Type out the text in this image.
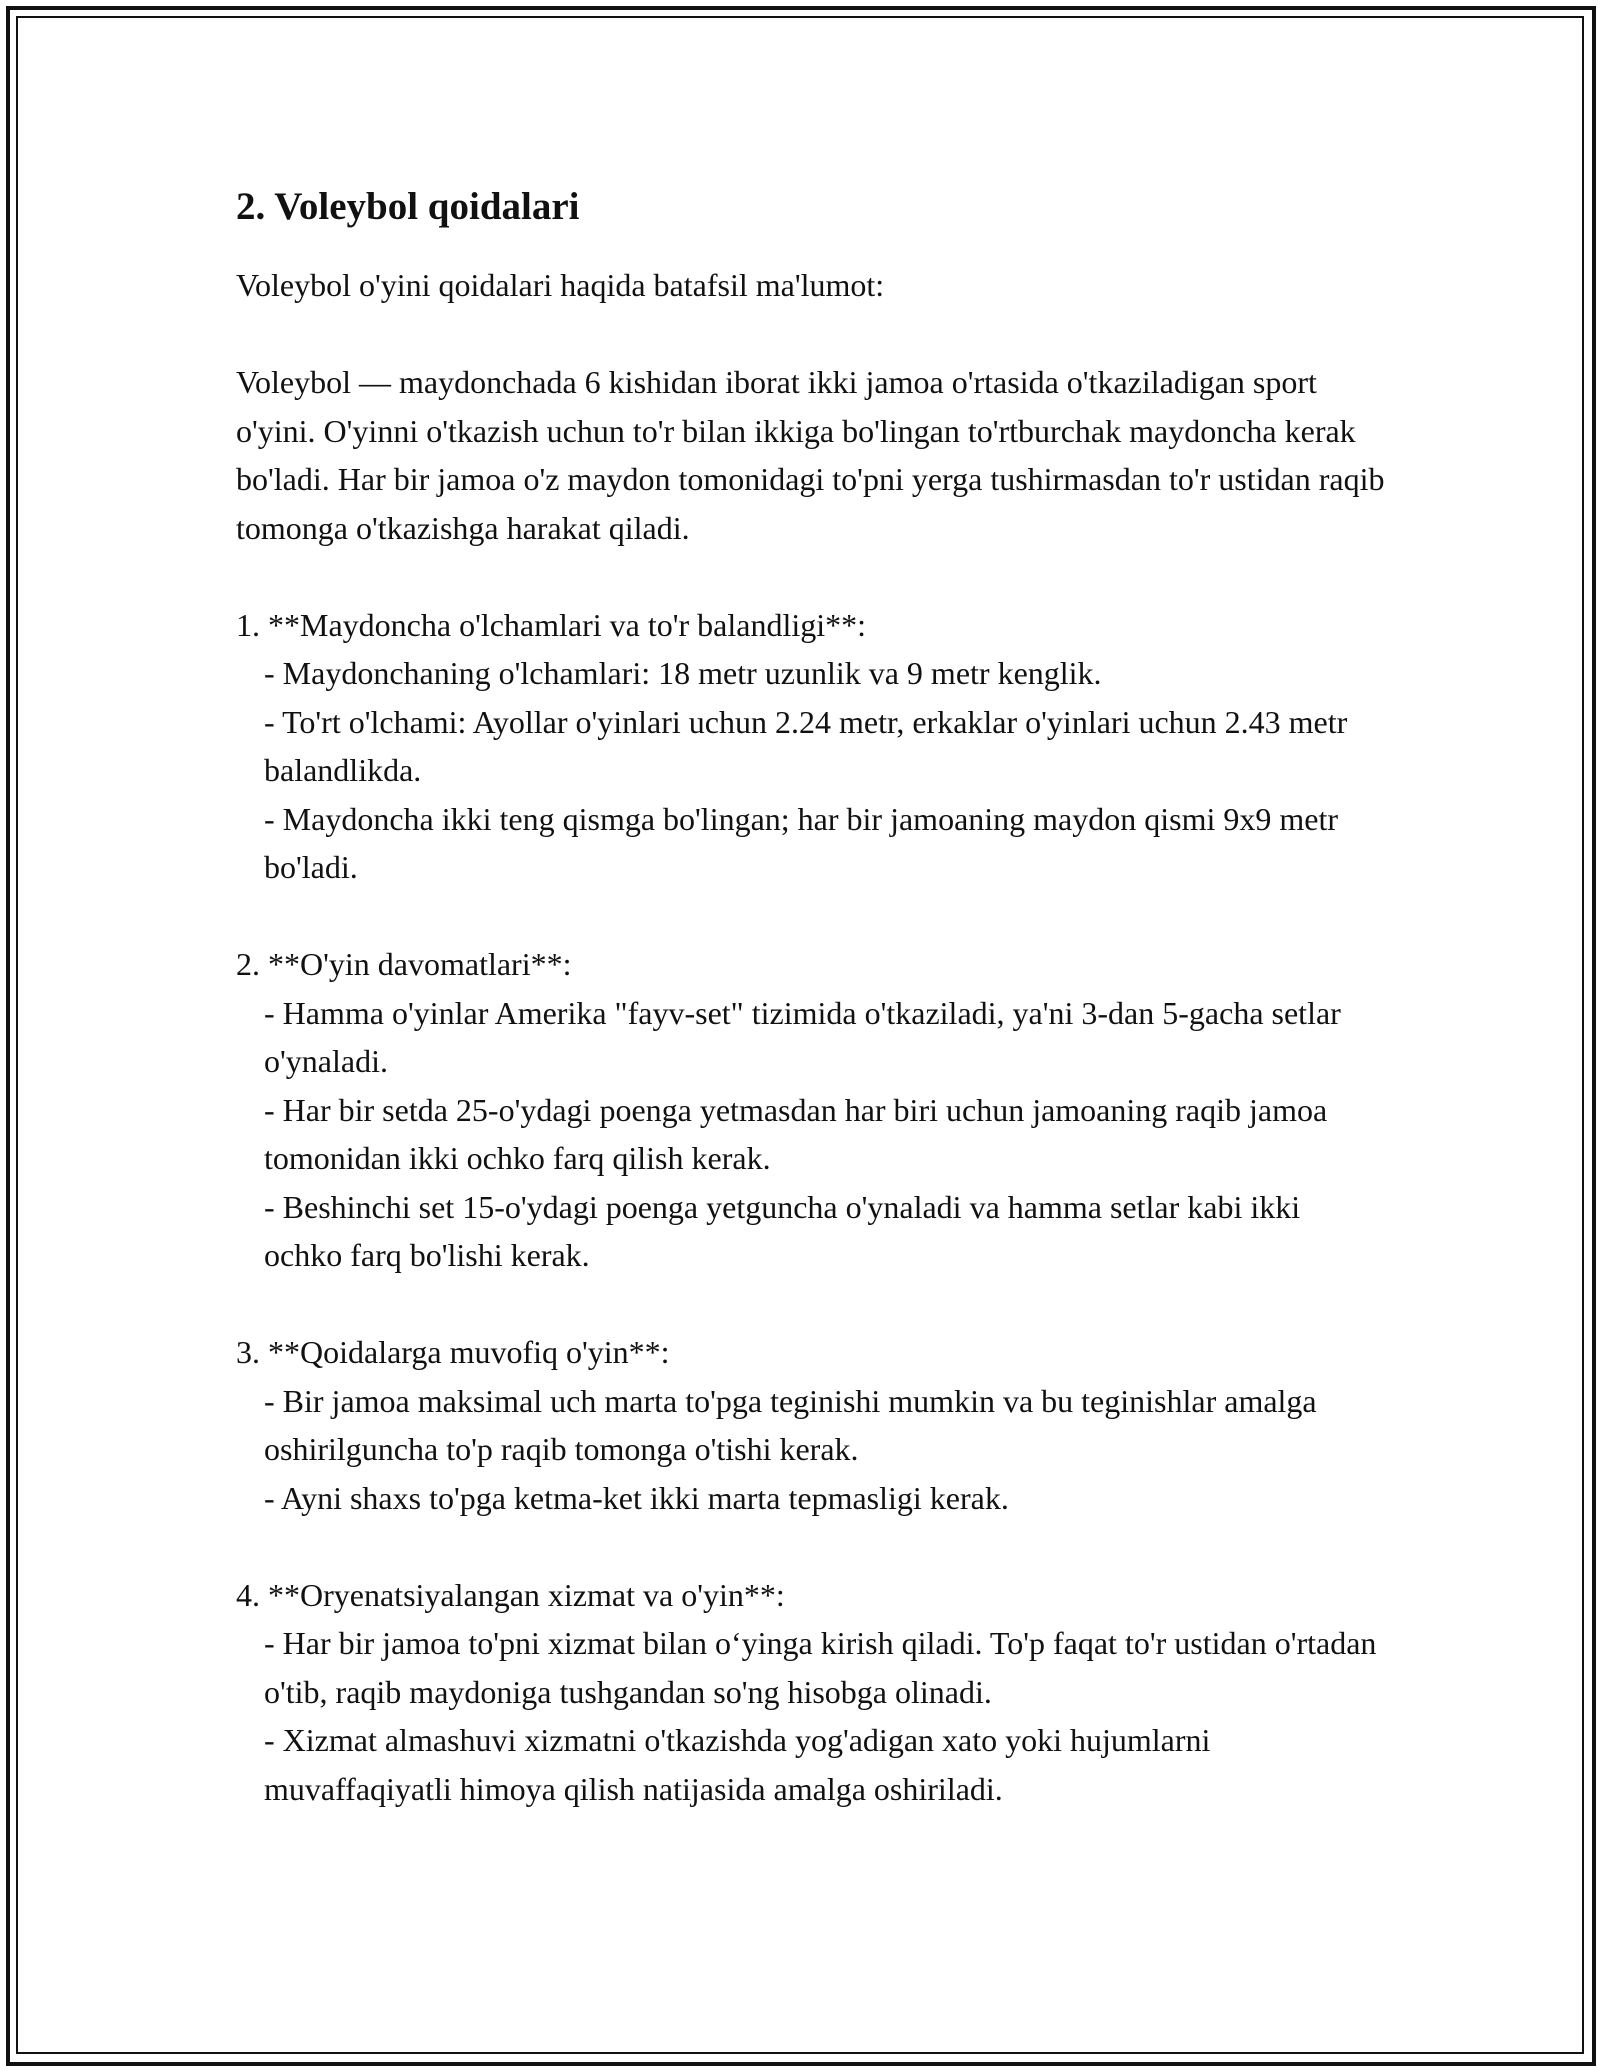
2. Voleybol qoidalari

Voleybol o'yini qoidalari haqida batafsil ma'lumot:

Voleybol — maydonchada 6 kishidan iborat ikki jamoa o'rtasida o'tkaziladigan sport o'yini. O'yinni o'tkazish uchun to'r bilan ikkiga bo'lingan to'rtburchak maydoncha kerak bo'ladi. Har bir jamoa o'z maydon tomonidagi to'pni yerga tushirmasdan to'r ustidan raqib tomonga o'tkazishga harakat qiladi.

1. **Maydoncha o'lchamlari va to'r balandligi**:

- Maydonchaning o'lchamlari: 18 metr uzunlik va 9 metr kenglik.

- To'rt o'lchami: Ayollar o'yinlari uchun 2.24 metr, erkaklar o'yinlari uchun 2.43 metr balandlikda.

- Maydoncha ikki teng qismga bo'lingan; har bir jamoaning maydon qismi 9x9 metr bo'ladi.

2. **O'yin davomatlari**:

- Hamma o'yinlar Amerika "fayv-set" tizimida o'tkaziladi, ya'ni 3-dan 5-gacha setlar o'ynaladi.

- Har bir setda 25-o'ydagi poenga yetmasdan har biri uchun jamoaning raqib jamoa tomonidan ikki ochko farq qilish kerak.

- Beshinchi set 15-o'ydagi poenga yetguncha o'ynaladi va hamma setlar kabi ikki ochko farq bo'lishi kerak.

3. **Qoidalarga muvofiq o'yin**:

- Bir jamoa maksimal uch marta to'pga teginishi mumkin va bu teginishlar amalga oshirilguncha to'p raqib tomonga o'tishi kerak.

- Ayni shaxs to'pga ketma-ket ikki marta tepmasligi kerak.

4. **Oryenatsiyalangan xizmat va o'yin**:

- Har bir jamoa to'pni xizmat bilan o‘yinga kirish qiladi. To'p faqat to'r ustidan o'rtadan o'tib, raqib maydoniga tushgandan so'ng hisobga olinadi.

- Xizmat almashuvi xizmatni o'tkazishda yog'adigan xato yoki hujumlarni muvaffaqiyatli himoya qilish natijasida amalga oshiriladi.
